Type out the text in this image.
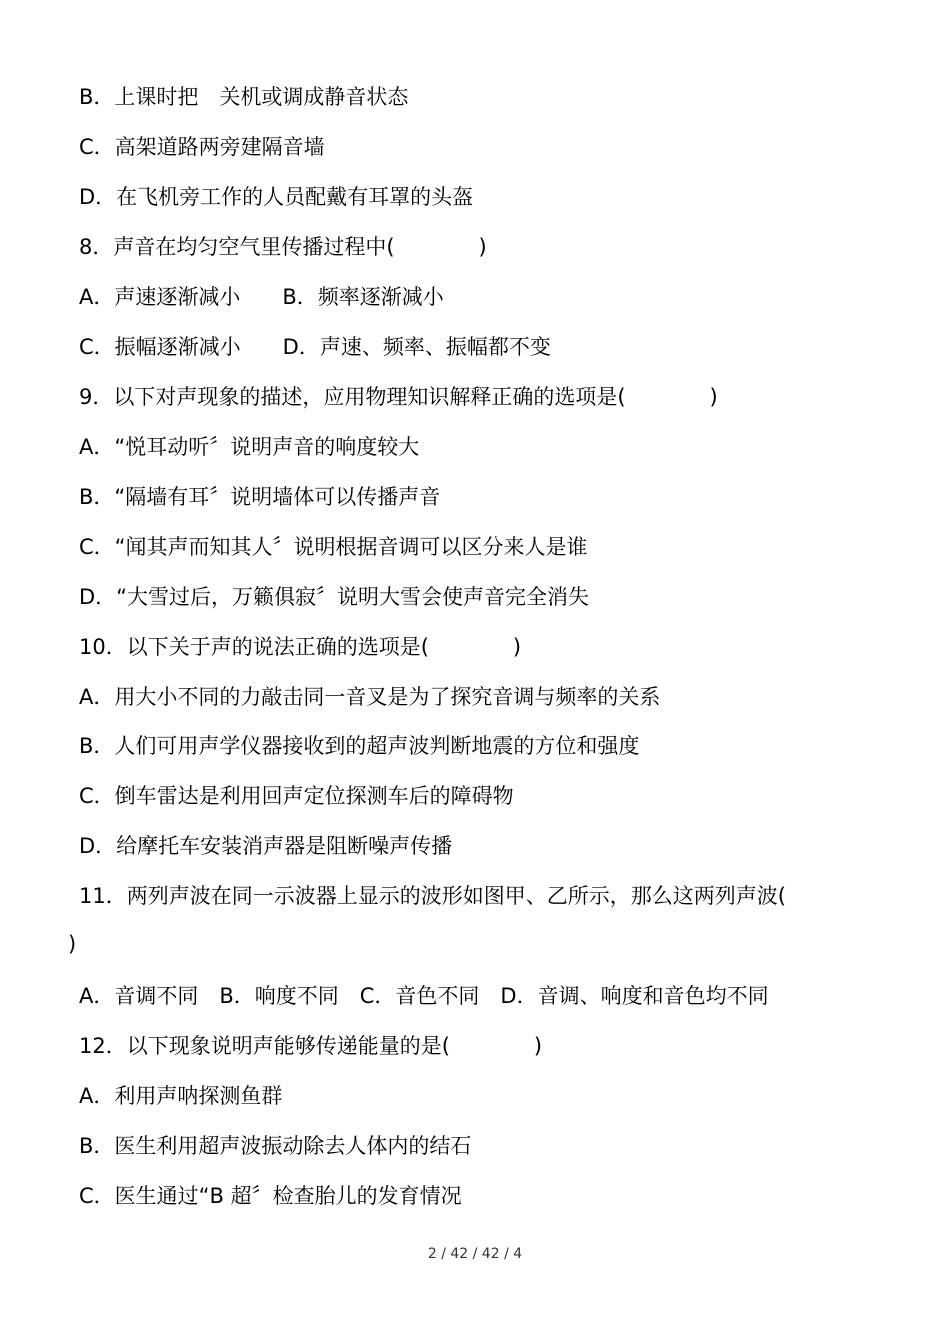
B．上课时把　关机或调成静音状态
C．高架道路两旁建隔音墙
D．在飞机旁工作的人员配戴有耳罩的头盔
8．声音在均匀空气里传播过程中(　　　　)
A．声速逐渐减小　　B．频率逐渐减小
C．振幅逐渐减小　　D．声速、频率、振幅都不变
9．以下对声现象的描述，应用物理知识解释正确的选项是(　　　　)
A．“悦耳动听〞说明声音的响度较大
B．“隔墙有耳〞说明墙体可以传播声音
C．“闻其声而知其人〞说明根据音调可以区分来人是谁
D．“大雪过后，万籁俱寂〞说明大雪会使声音完全消失
10．以下关于声的说法正确的选项是(　　　　)
A．用大小不同的力敲击同一音叉是为了探究音调与频率的关系
B．人们可用声学仪器接收到的超声波判断地震的方位和强度
C．倒车雷达是利用回声定位探测车后的障碍物
D．给摩托车安装消声器是阻断噪声传播
11．两列声波在同一示波器上显示的波形如图甲、乙所示，那么这两列声波(
)
A．音调不同　B．响度不同　C．音色不同　D．音调、响度和音色均不同
12．以下现象说明声能够传递能量的是(　　　　)
A．利用声呐探测鱼群
B．医生利用超声波振动除去人体内的结石
C．医生通过“B 超〞检查胎儿的发育情况
2 / 42 / 42 / 4
